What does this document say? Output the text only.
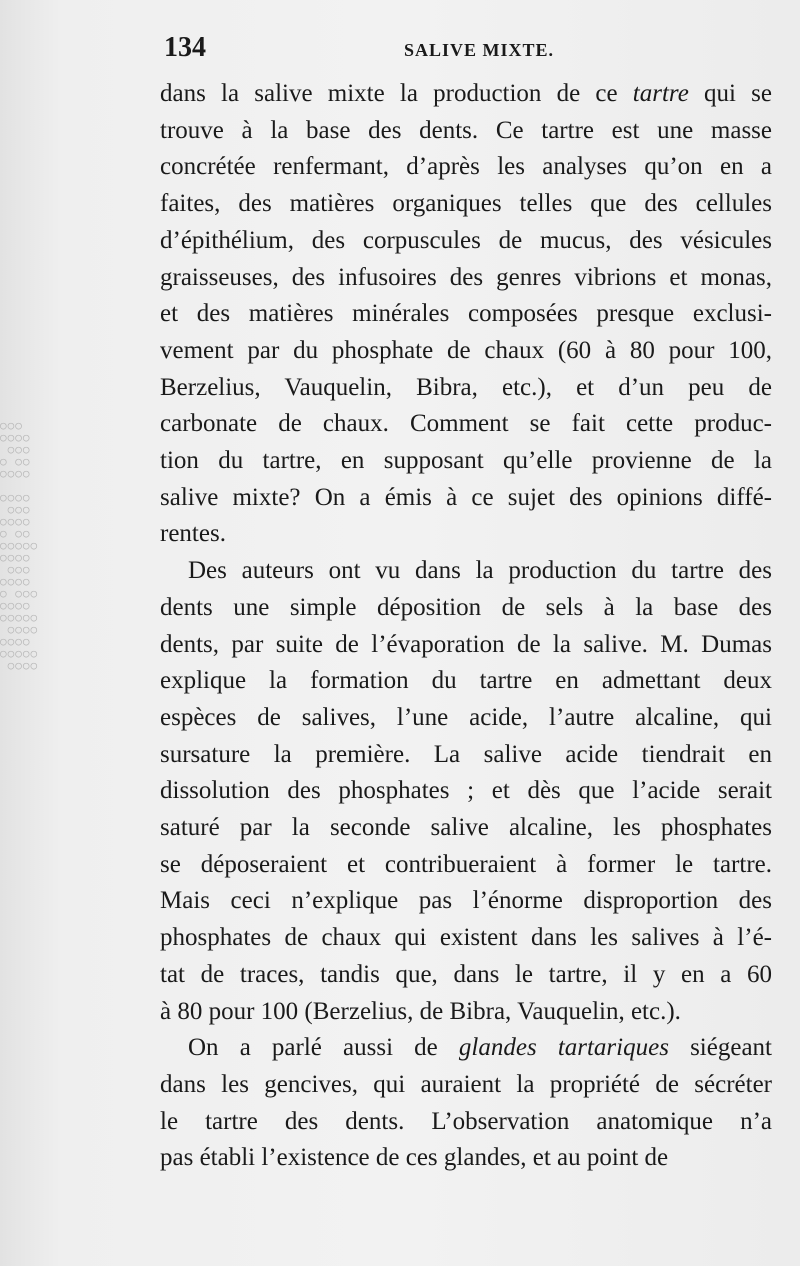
○○○
○○○○
○○○
○ ○○
○○○○

○○○○
○○○
○○○○
○ ○○
○○○○○
○○○○
○○○
○○○○
○ ○○○
○○○○
○○○○○
○○○○
○○○○
○○○○○
○○○○
134	SALIVE MIXTE.
dans la salive mixte la production de ce tartre qui se
trouve à la base des dents. Ce tartre est une masse
concrétée renfermant, d’après les analyses qu’on en a
faites, des matières organiques telles que des cellules
d’épithélium, des corpuscules de mucus, des vésicules
graisseuses, des infusoires des genres vibrions et monas,
et des matières minérales composées presque exclusi-
vement par du phosphate de chaux (60 à 80 pour 100,
Berzelius, Vauquelin, Bibra, etc.), et d’un peu de
carbonate de chaux. Comment se fait cette produc-
tion du tartre, en supposant qu’elle provienne de la
salive mixte? On a émis à ce sujet des opinions diffé-
rentes.
Des auteurs ont vu dans la production du tartre des
dents une simple déposition de sels à la base des
dents, par suite de l’évaporation de la salive. M. Dumas
explique la formation du tartre en admettant deux
espèces de salives, l’une acide, l’autre alcaline, qui
sursature la première. La salive acide tiendrait en
dissolution des phosphates ; et dès que l’acide serait
saturé par la seconde salive alcaline, les phosphates
se déposeraient et contribueraient à former le tartre.
Mais ceci n’explique pas l’énorme disproportion des
phosphates de chaux qui existent dans les salives à l’é-
tat de traces, tandis que, dans le tartre, il y en a 60
à 80 pour 100 (Berzelius, de Bibra, Vauquelin, etc.).
On a parlé aussi de glandes tartariques siégeant
dans les gencives, qui auraient la propriété de sécréter
le tartre des dents. L’observation anatomique n’a
pas établi l’existence de ces glandes, et au point de
